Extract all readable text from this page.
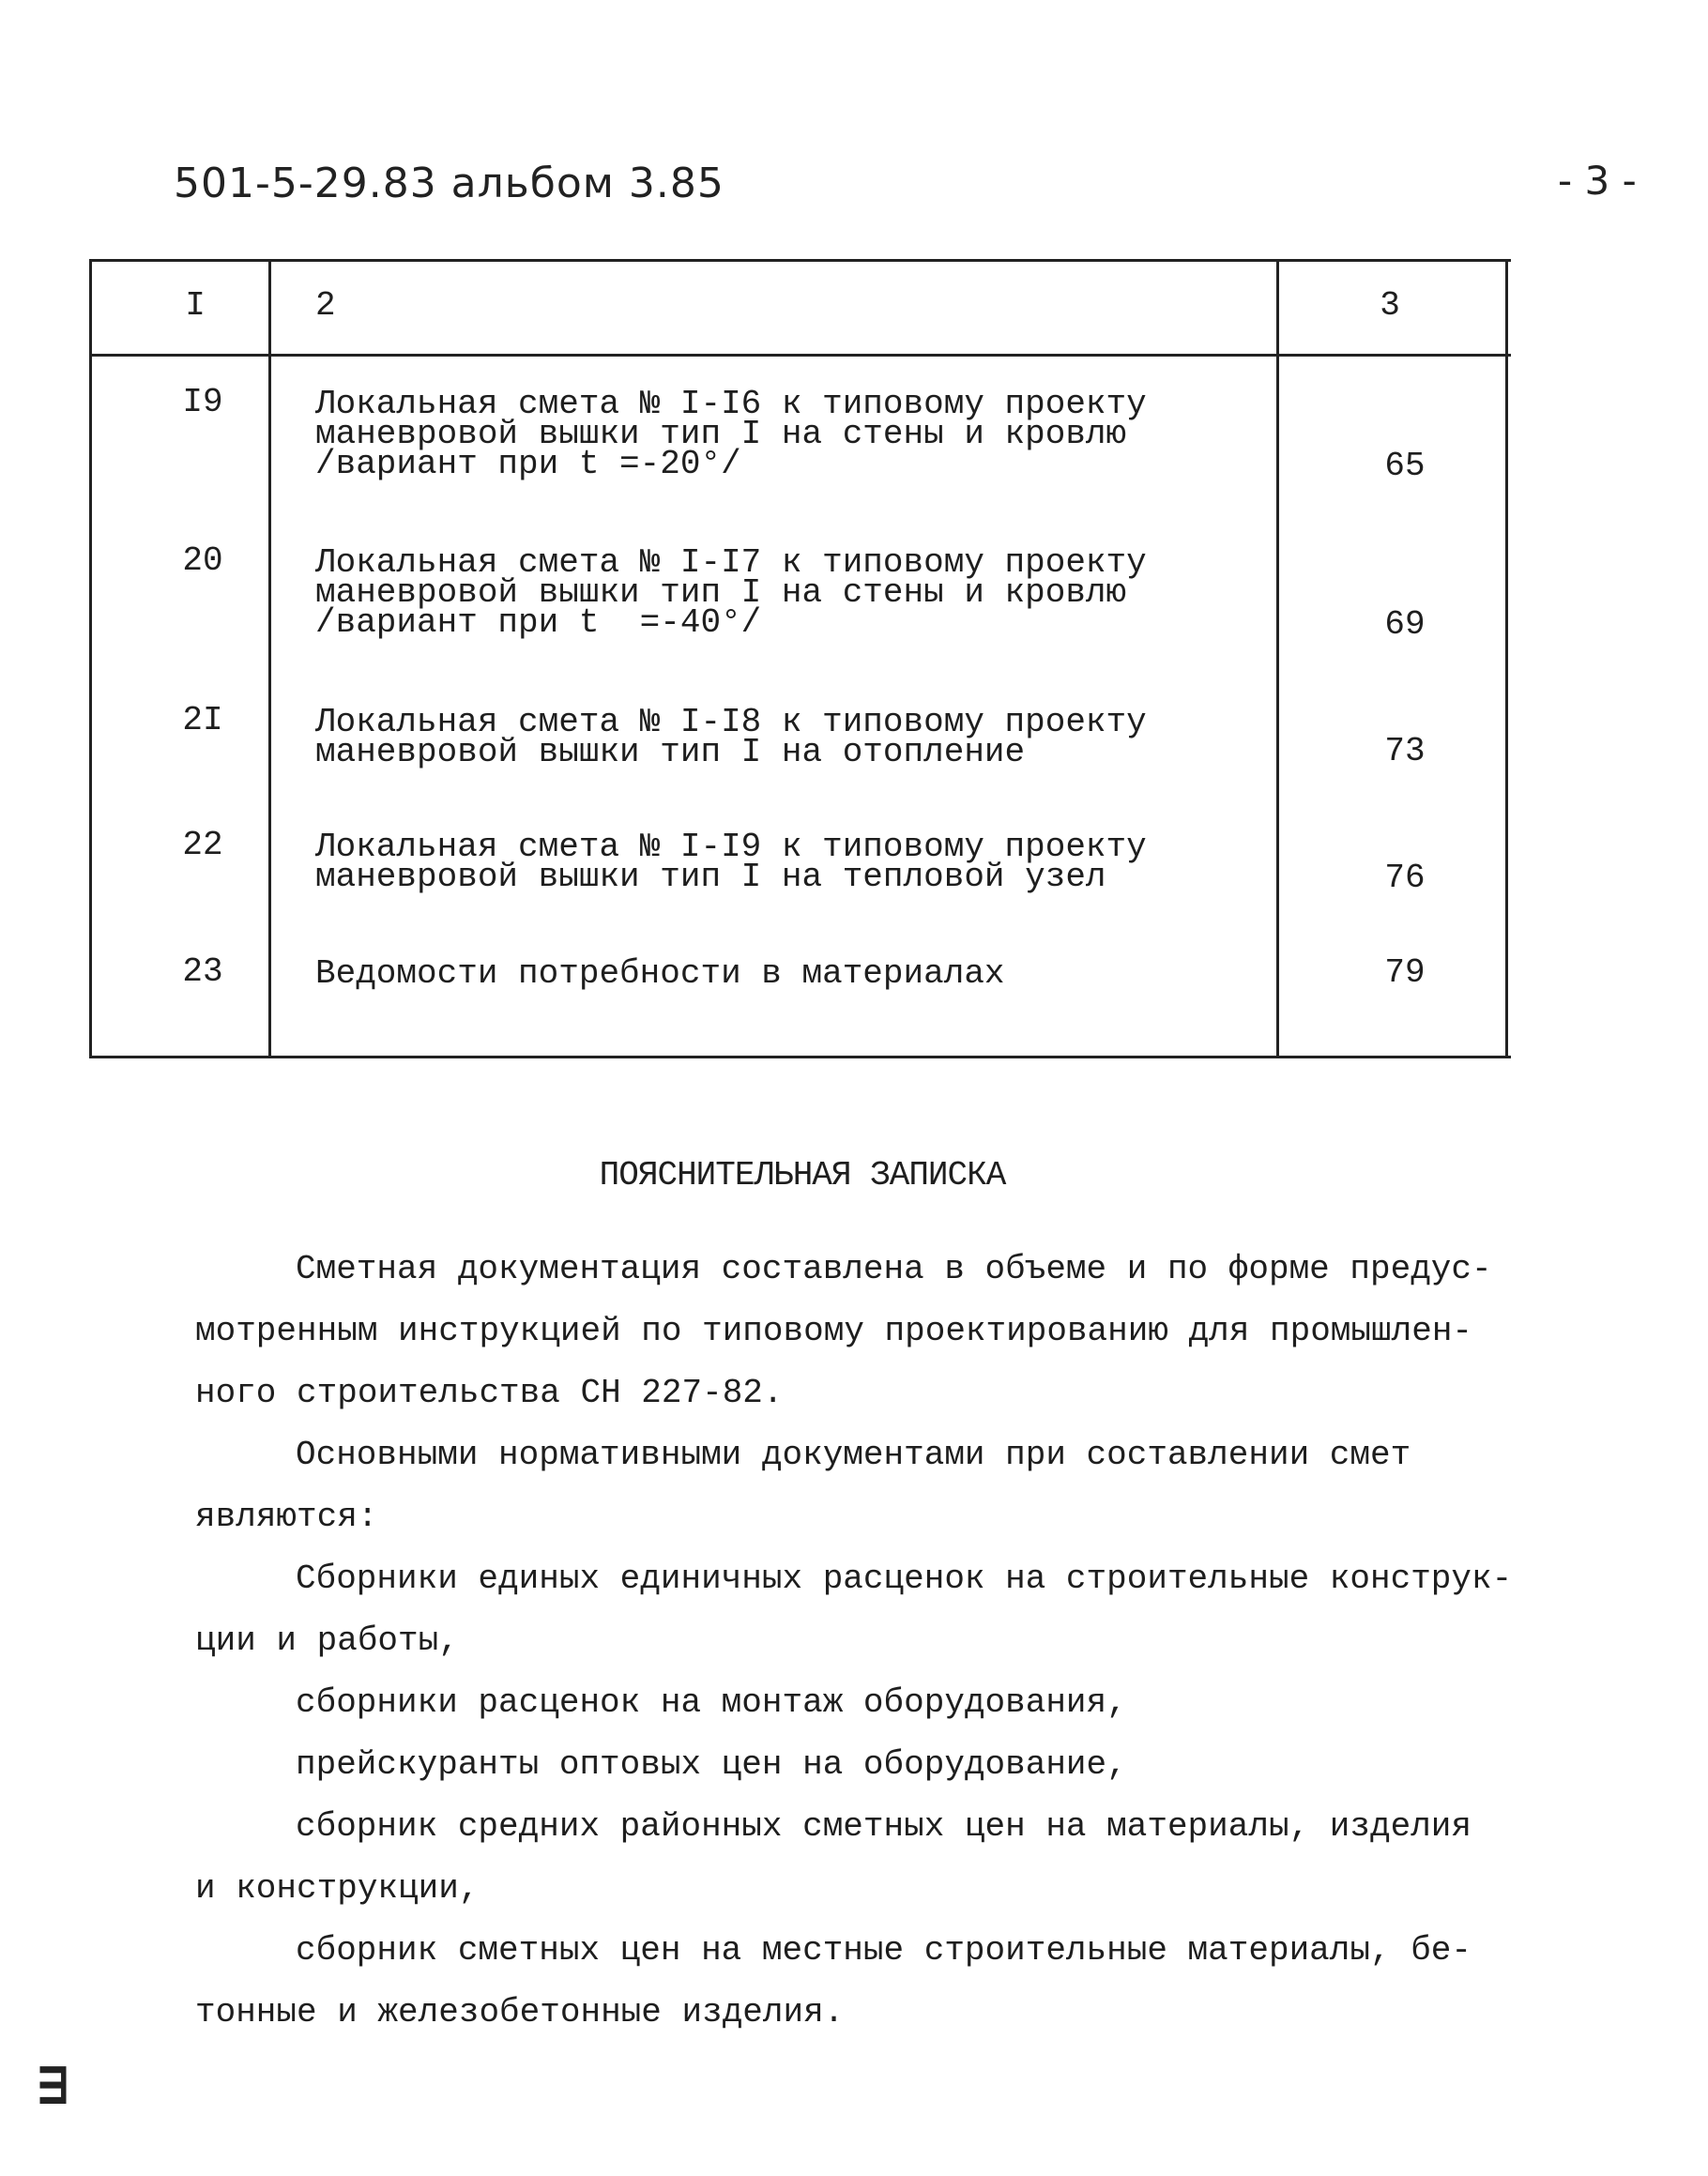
501-5-29.83 альбом 3.85	- 3 -
I	2	3
I9	Локальная смета № I-I6 к типовому проекту
маневровой вышки тип I на стены и кровлю
/вариант при t =-20°/	65
20	Локальная смета № I-I7 к типовому проекту
маневровой вышки тип I на стены и кровлю
/вариант при t  =-40°/	69
2I	Локальная смета № I-I8 к типовому проекту
маневровой вышки тип I на отопление	73
22	Локальная смета № I-I9 к типовому проекту
маневровой вышки тип I на тепловой узел	76
23	Ведомости потребности в материалах	79
ПОЯСНИТЕЛЬНАЯ ЗАПИСКА
Сметная документация составлена в объеме и по форме предус-
мотренным инструкцией по типовому проектированию для промышлен-
ного строительства СН 227-82.
Основными нормативными документами при составлении смет
являются:
Сборники единых единичных расценок на строительные конструк-
ции и работы,
сборники расценок на монтаж оборудования,
прейскуранты оптовых цен на оборудование,
сборник средних районных сметных цен на материалы, изделия
и конструкции,
сборник сметных цен на местные строительные материалы, бе-
тонные и железобетонные изделия.
Ш
